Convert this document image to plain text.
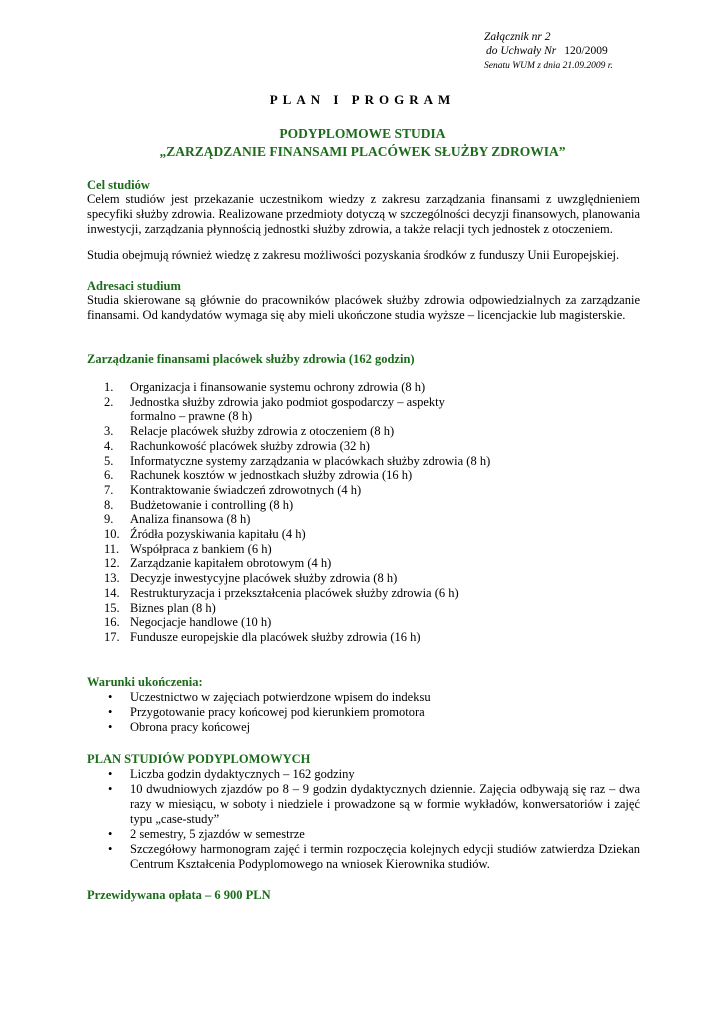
Załącznik nr 2
do Uchwały Nr 120/2009
Senatu WUM z dnia 21.09.2009 r.
PLAN I PROGRAM
PODYPLOMOWE STUDIA
„ZARZĄDZANIE FINANSAMI PLACÓWEK SŁUŻBY ZDROWIA”
Cel studiów
Celem studiów jest przekazanie uczestnikom wiedzy z zakresu zarządzania finansami z uwzględnieniem specyfiki służby zdrowia. Realizowane przedmioty dotyczą w szczególności decyzji finansowych, planowania inwestycji, zarządzania płynnością jednostki służby zdrowia, a także relacji tych jednostek z otoczeniem.
Studia obejmują również wiedzę z zakresu możliwości pozyskania środków z funduszy Unii Europejskiej.
Adresaci studium
Studia skierowane są głównie do pracowników placówek służby zdrowia odpowiedzialnych za zarządzanie finansami. Od kandydatów wymaga się aby mieli ukończone studia wyższe – licencjackie lub magisterskie.
Zarządzanie finansami placówek służby zdrowia (162 godzin)
1.	Organizacja i finansowanie systemu ochrony zdrowia (8 h)
2.	Jednostka służby zdrowia jako podmiot gospodarczy – aspekty
formalno – prawne (8 h)
3.	Relacje placówek służby zdrowia z otoczeniem (8 h)
4.	Rachunkowość placówek służby zdrowia (32 h)
5.	Informatyczne systemy zarządzania w placówkach służby zdrowia (8 h)
6.	Rachunek kosztów w jednostkach służby zdrowia (16 h)
7.	Kontraktowanie świadczeń zdrowotnych (4 h)
8.	Budżetowanie i controlling (8 h)
9.	Analiza finansowa (8 h)
10. Źródła pozyskiwania kapitału (4 h)
11. Współpraca z bankiem (6 h)
12. Zarządzanie kapitałem obrotowym (4 h)
13. Decyzje inwestycyjne placówek służby zdrowia (8 h)
14. Restrukturyzacja i przekształcenia placówek służby zdrowia (6 h)
15. Biznes plan (8 h)
16. Negocjacje handlowe (10 h)
17. Fundusze europejskie dla placówek służby zdrowia (16 h)
Warunki ukończenia:
• Uczestnictwo w zajęciach potwierdzone wpisem do indeksu
• Przygotowanie pracy końcowej pod kierunkiem promotora
• Obrona pracy końcowej
PLAN STUDIÓW PODYPLOMOWYCH
• Liczba godzin dydaktycznych – 162 godziny
• 10 dwudniowych zjazdów po 8 – 9 godzin dydaktycznych dziennie. Zajęcia odbywają się raz – dwa razy w miesiącu, w soboty i niedziele i prowadzone są w formie wykładów, konwersatoriów i zajęć typu „case-study”
• 2 semestry, 5 zjazdów w semestrze
• Szczegółowy harmonogram zajęć i termin rozpoczęcia kolejnych edycji studiów zatwierdza Dziekan Centrum Kształcenia Podyplomowego na wniosek Kierownika studiów.
Przewidywana opłata – 6 900 PLN
